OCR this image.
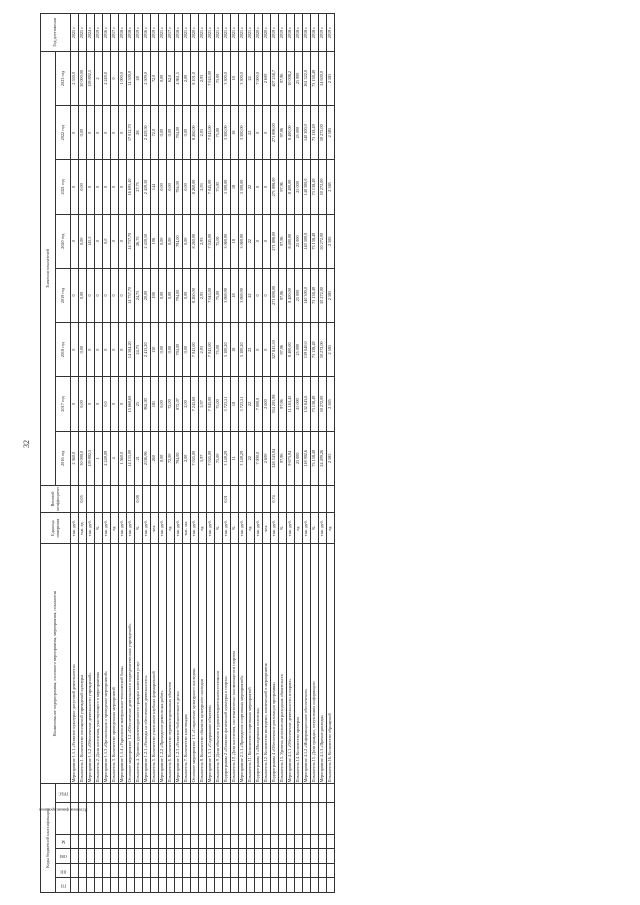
32
Коды бюджетной классификации						Наименование подпрограммы, основного мероприятия, мероприятия, показателя	Единица измерения	Весовой коэффициент	Значения показателей								Год достижения
ГП	ПП	ОМ	М	Источник финансирования	ГРБС				2016 год	2017 год	2018 год	2019 год	2020 год	2021 год	2022 год	2023 год	
						Мероприятие 1.1.1 «Развитие культурно-досуговой деятельности»	тыс. руб.		2 360,0	0	0	0	0	0	0	2 550,0	2025 г.
						Показатель 1. Количество посещений учреждений культуры	тыс. ед.	0,05	30 000,0	0,00	0,00	0,00	0,00	0,00	0,00	30 000,00	2025 г.
						Мероприятие 1.1.2 «Обеспечение деятельности учреждений»	тыс. руб.		159 892,5	0	0	0	145,5	0	0	159 892,5	2024 г.
						Показатель 2. Доля населения, участвующего в мероприятиях	%		1	0	0	0	0	0	0	2	2019 г.
						Мероприятие 1.1.3 «Организация и проведение мероприятий»	тыс. руб.		2 249,09	0,0	0	0	0,0	0	0	2 249,0	2016 г.
						Показатель 3. Количество проведенных мероприятий	ед.		4	0	0	0	0	0	0	0	2017 г.
						Мероприятие 1.1.4 «Укрепление материально-технической базы»	тыс. руб.		1 560,0	0	0	0	0	0	0	1 000,0	2018 г.
						Основное мероприятие 1.2 «Обеспечение деятельности подведомственных учреждений»	тыс. руб.		14 133,00	15 660,60	14 584,20	14 737,70	14 737,70	16 695,40	17 012,70	14 500,0	2018 г.
						Показатель 4. Уровень удовлетворенности граждан качеством услуг	%	0,08	21	25	24,75	24,75	26,75	27,75	28	28	2019 г.
						Мероприятие 1.2.1 «Расходы на обеспечение деятельности»	тыс. руб.		2136,96	962,00	2 413,20	20,00	2 459,50	2 459,50	2 459,50	2 509,0	2016 г.
						Показатель 5. Количество участников клубных формирований	чел.		260	181	130	198	198	144	72,0	72,0	2019 г.
						Мероприятие 1.2.2 «Проведение ремонтных работ»	тыс. руб.		0,00	0,00	0,00	0,00	0,00	0,00	0,00	0,00	2021 г.
						Показатель 6. Количество отремонтированных объектов	ед.		72,00	72,00	0,00	0,00	0,00	0,00	0,00	62,0	2017 г.
						Мероприятие 1.2.3 «Развитие библиотечного дела»	тыс. руб.		794,00	872,07	794,00	794,00	794,00	794,00	794,00	4 861,5	2018 г.
						Показатель 7. Количество книговыдач	тыс. экз.		2,00	2,00	0,00	0,00	0,00	0,00	0,00	2,00	2021 г.
						Основное мероприятие 1.3 «Сохранение культурного наследия»	тыс. руб.		7 045,00	7 245,60	7 045,00	8 260,00	8 260,00	8 260,00	8 260,00	8 101,0	2020 г.
						Показатель 8. Количество объектов культурного наследия	ед.		5,97	5,97	2,93	2,93	2,93	2,93	2,93	2,93	2021 г.
						Мероприятие 1.3.1 «Содержание объектов»	тыс. руб.		7 045,00	7 045,00	7 045,00	7 045,00	7 045,00	7 045,00	7 045,00	7 045,00	2021 г.
						Показатель 9. Доля объектов в удовлетворительном состоянии	%		75,00	75,00	75,00	75,00	75,00	75,00	75,00	75,00	2021 г.
						Подпрограмма 2 «Развитие физической культуры и спорта»	тыс. руб.	0,01	3 149,29	3 723,51	3 100,20	3 069,90	3 069,90	3 300,00	3 300,00	3 300,0	2021 г.
						Показатель 10. Доля населения, систематически занимающегося спортом	%		11	18	18	18	18	18	18	18	2021 г.
						Мероприятие 2.1.1 «Проведение спортивных мероприятий»	тыс. руб.		3 149,29	3 723,51	3 100,20	3 069,90	3 069,90	3 300,00	3 300,00	3 300,0	2021 г.
						Показатель 11. Количество спортивных мероприятий	ед.		22	22	22	22	22	22	22	22	2021 г.
						Подпрограмма 3 «Молодежная политика»	тыс. руб.		7 000,0	7 000,0	0	0	0	0	0	7 000,0	2020 г.
						Показатель 12. Количество молодежи, вовлеченной в мероприятия	чел.		2 600	2 600	0	0	0	0	0	2 600	2020 г.
						Подпрограмма 4 «Обеспечение реализации программы»	тыс. руб.	0,74	328 543,94	334 205,98	327 843,50	271 898,00	271 898,00	271 898,00	271 898,00	407 258,7	2019 г.
						Показатель 13. Уровень исполнения расходных обязательств	%		97,96	97,96	97,96	97,96	97,96	97,96	97,96	97,96	2019 г.
						Мероприятие 4.1.1 «Обеспечение деятельности аппарата»	тыс. руб.		9 673,94	11 163,45	8 400,00	8 400,00	8 400,00	8 400,00	8 400,00	10 008,2	2018 г.
						Показатель 14. Количество проверок	ед.		25 000	25 000	25 000	25 000	25 000	25 000	25 000	25 000	2018 г.
						Мероприятие 4.1.2 «Информационное обеспечение»	тыс. руб.		118 902,6	132 643,6	139 640,0	140 300,0	140 300,0	140 300,0	140 300,0	161 322,0	2018 г.
						Показатель 15. Доля граждан, получивших информацию	%		73 138,49	73 138,49	73 138,49	73 138,49	73 138,49	73 138,49	73 138,49	73 138,49	2018 г.
						Мероприятие 4.1.3 «Прочие расходы»	тыс. руб.		24 499,26	50 272,00	50 272,00	50 272,00	50 272,00	50 272,00	50 272,00	54 600,0	2019 г.
						Показатель 16. Количество обращений	ед.		2 585	2 585	2 585	2 585	2 585	2 585	2 585	2 585	2019 г.
